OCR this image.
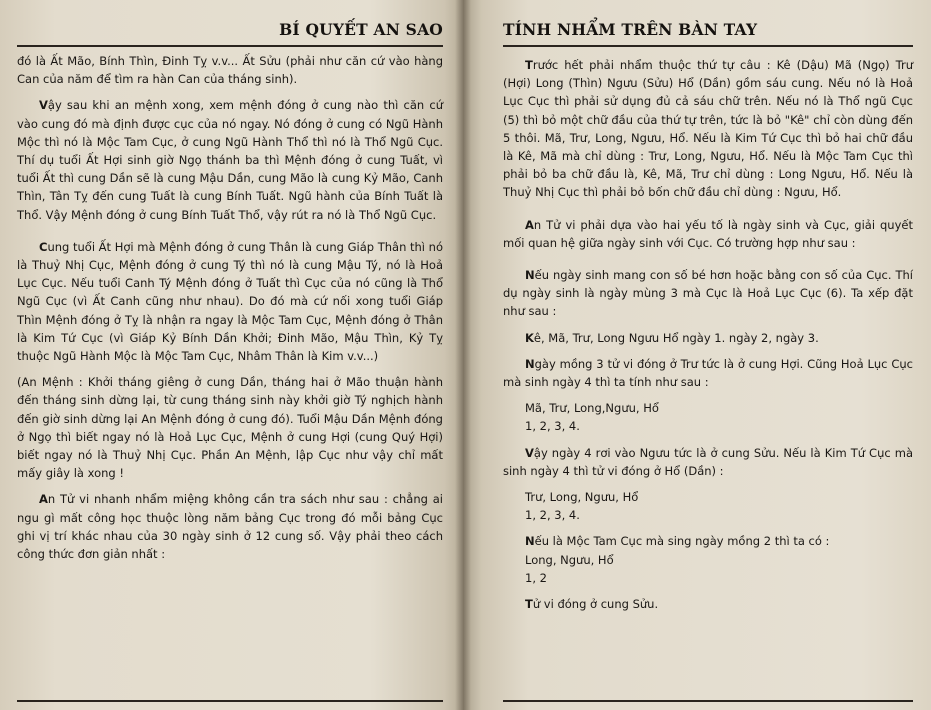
BÍ QUYẾT AN SAO

đó là Ất Mão, Bính Thìn, Đinh Tỵ v.v... Ất Sửu (phải như căn cứ vào hàng Can của năm để tìm ra hàn Can của tháng sinh).

Vậy sau khi an mệnh xong, xem mệnh đóng ở cung nào thì căn cứ vào cung đó mà định được cục của nó ngay. Nó đóng ở cung có Ngũ Hành Mộc thì nó là Mộc Tam Cục, ở cung Ngũ Hành Thổ thì nó là Thổ Ngũ Cục. Thí dụ tuổi Ất Hợi sinh giờ Ngọ thánh ba thì Mệnh đóng ở cung Tuất, vì tuổi Ất thì cung Dần sẽ là cung Mậu Dần, cung Mão là cung Kỷ Mão, Canh Thìn, Tân Tỵ đến cung Tuất là cung Bính Tuất. Ngũ hành của Bính Tuất là Thổ. Vậy Mệnh đóng ở cung Bính Tuất Thổ, vậy rút ra nó là Thổ Ngũ Cục.

Cung tuổi Ất Hợi mà Mệnh đóng ở cung Thân là cung Giáp Thân thì nó là Thuỷ Nhị Cục, Mệnh đóng ở cung Tý thì nó là cung Mậu Tý, nó là Hoả Lục Cục. Nếu tuổi Canh Tý Mệnh đóng ở Tuất thì Cục của nó cũng là Thổ Ngũ Cục (vì Ất Canh cũng như nhau). Do đó mà cứ nối xong tuổi Giáp Thìn Mệnh đóng ở Tỵ là nhận ra ngay là Mộc Tam Cục, Mệnh đóng ở Thân là Kim Tứ Cục (vì Giáp Kỷ Bính Dần Khởi; Đinh Mão, Mậu Thìn, Kỷ Tỵ thuộc Ngũ Hành Mộc là Mộc Tam Cục, Nhâm Thân là Kim v.v...)

(An Mệnh : Khởi tháng giêng ở cung Dần, tháng hai ở Mão thuận hành đến tháng sinh dừng lại, từ cung tháng sinh này khởi giờ Tý nghịch hành đến giờ sinh dừng lại An Mệnh đóng ở cung đó). Tuổi Mậu Dần Mệnh đóng ở Ngọ thì biết ngay nó là Hoả Lục Cục, Mệnh ở cung Hợi (cung Quý Hợi) biết ngay nó là Thuỷ Nhị Cục. Phần An Mệnh, lập Cục như vậy chỉ mất mấy giây là xong !

An Tử vi nhanh nhẩm miệng không cần tra sách như sau : chẳng ai ngu gì mất công học thuộc lòng năm bảng Cục trong đó mỗi bảng Cục ghi vị trí khác nhau của 30 ngày sinh ở 12 cung số. Vậy phải theo cách công thức đơn giản nhất :

TÍNH NHẨM TRÊN BÀN TAY

Trước hết phải nhẩm thuộc thứ tự câu : Kê (Dậu) Mã (Ngọ) Trư (Hợi) Long (Thìn) Ngưu (Sửu) Hổ (Dần) gồm sáu cung. Nếu nó là Hoả Lục Cục thì phải sử dụng đủ cả sáu chữ trên. Nếu nó là Thổ ngũ Cục (5) thì bỏ một chữ đầu của thứ tự trên, tức là bỏ "Kê" chỉ còn dùng đến 5 thôi. Mã, Trư, Long, Ngưu, Hổ. Nếu là Kim Tứ Cục thì bỏ hai chữ đầu là Kê, Mã mà chỉ dùng : Trư, Long, Ngưu, Hổ. Nếu là Mộc Tam Cục thì phải bỏ ba chữ đầu là, Kê, Mã, Trư chỉ dùng : Long Ngưu, Hổ. Nếu là Thuỷ Nhị Cục thì phải bỏ bốn chữ đầu chỉ dùng : Ngưu, Hổ.

An Tử vi phải dựa vào hai yếu tố là ngày sinh và Cục, giải quyết mối quan hệ giữa ngày sinh với Cục. Có trường hợp như sau :

Nếu ngày sinh mang con số bé hơn hoặc bằng con số của Cục. Thí dụ ngày sinh là ngày mùng 3 mà Cục là Hoả Lục Cục (6). Ta xếp đặt như sau :

Kê, Mã, Trư, Long Ngưu Hổ ngày 1. ngày 2, ngày 3.

Ngày mồng 3 tử vi đóng ở Trư tức là ở cung Hợi. Cũng Hoả Lục Cục mà sinh ngày 4 thì ta tính như sau :

Mã, Trư, Long,Ngưu, Hổ

1, 2, 3, 4.

Vậy ngày 4 rơi vào Ngưu tức là ở cung Sửu. Nếu là Kim Tứ Cục mà sinh ngày 4 thì tử vi đóng ở Hổ (Dần) :

Trư, Long, Ngưu, Hổ

1, 2, 3, 4.

Nếu là Mộc Tam Cục mà sing ngày mồng 2 thì ta có :

Long, Ngưu, Hổ

1, 2

Tử vi đóng ở cung Sửu.
